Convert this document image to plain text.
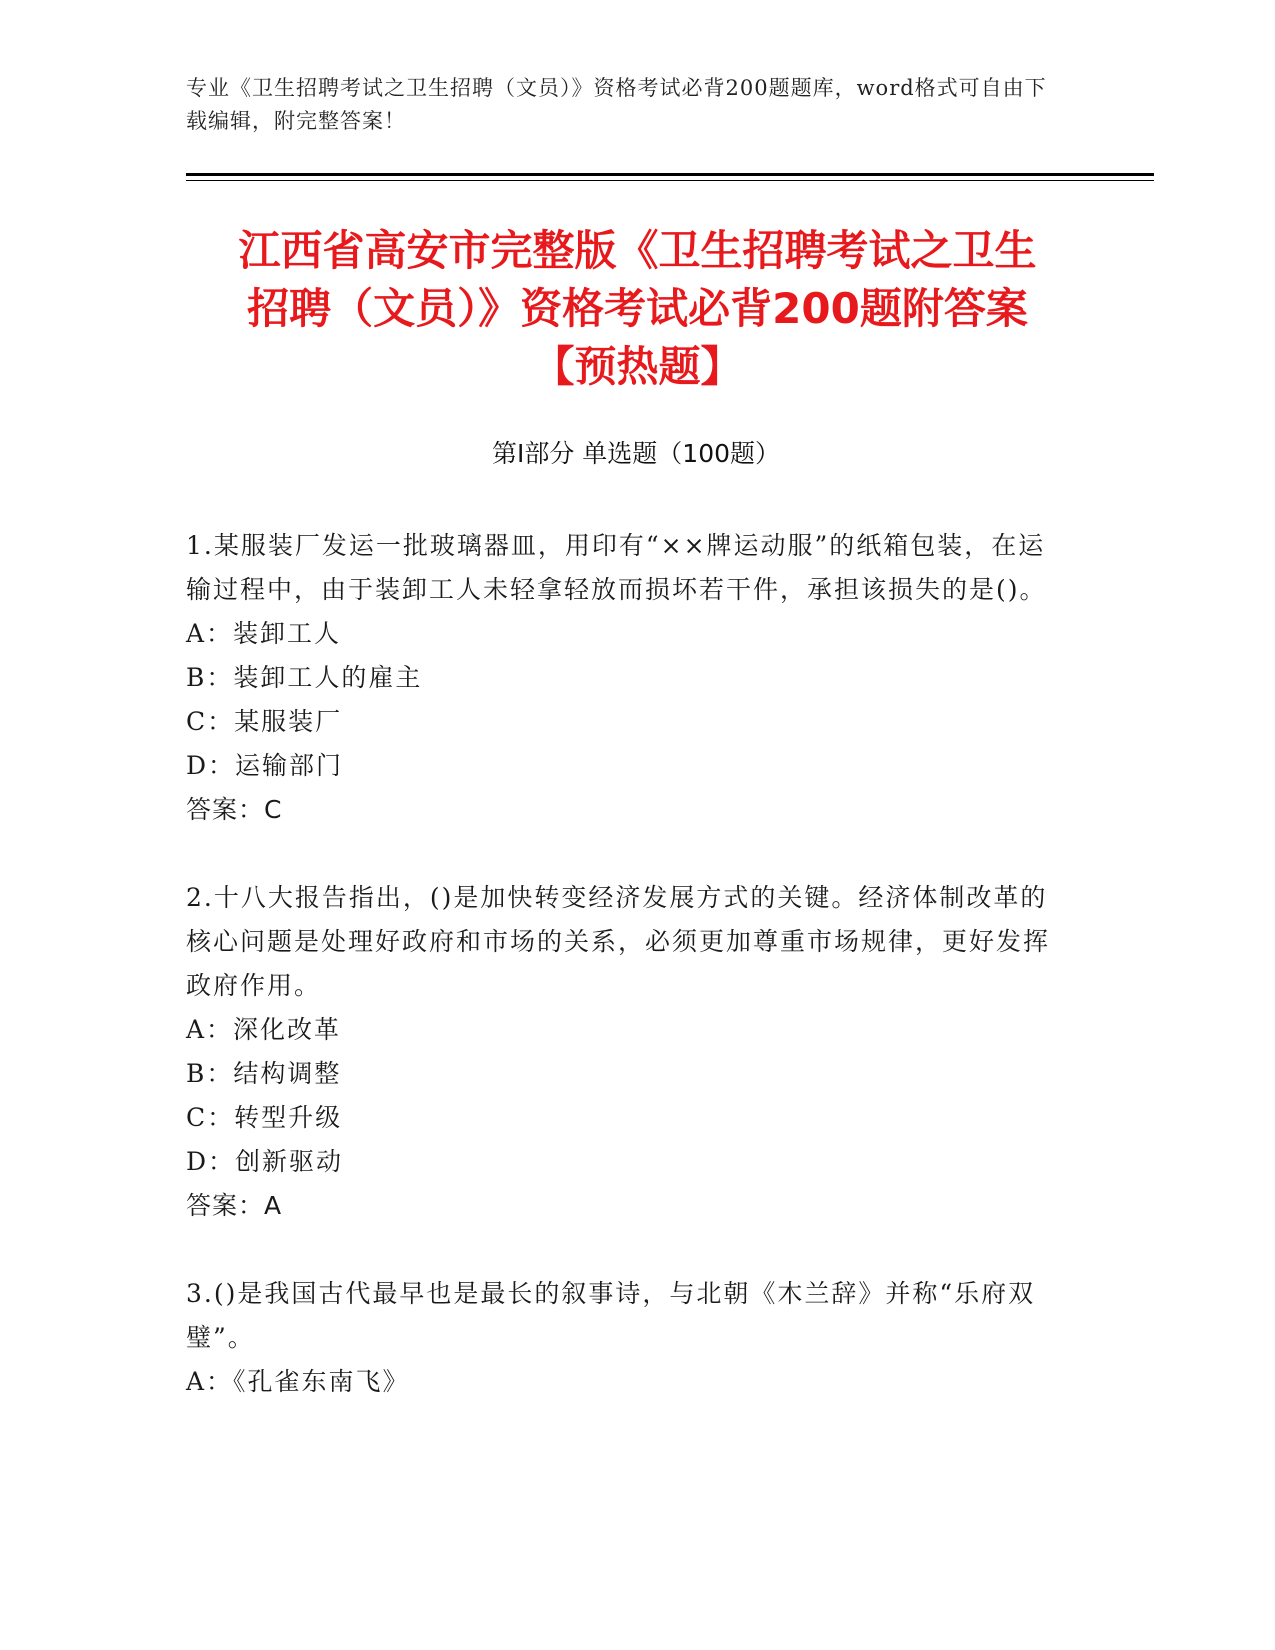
专业《卫生招聘考试之卫生招聘（文员）》资格考试必背200题题库，word格式可自由下载编辑，附完整答案！
江西省高安市完整版《卫生招聘考试之卫生
招聘（文员）》资格考试必背200题附答案
【预热题】
第Ⅰ部分 单选题（100题）

1.某服装厂发运一批玻璃器皿，用印有“××牌运动服”的纸箱包装，在运输过程中，由于装卸工人未轻拿轻放而损坏若干件，承担该损失的是()。

A：装卸工人

B：装卸工人的雇主

C：某服装厂

D：运输部门

答案：C

2.十八大报告指出，()是加快转变经济发展方式的关键。经济体制改革的核心问题是处理好政府和市场的关系，必须更加尊重市场规律，更好发挥政府作用。

A：深化改革

B：结构调整

C：转型升级

D：创新驱动

答案：A

3.()是我国古代最早也是最长的叙事诗，与北朝《木兰辞》并称“乐府双璧”。

A：《孔雀东南飞》
